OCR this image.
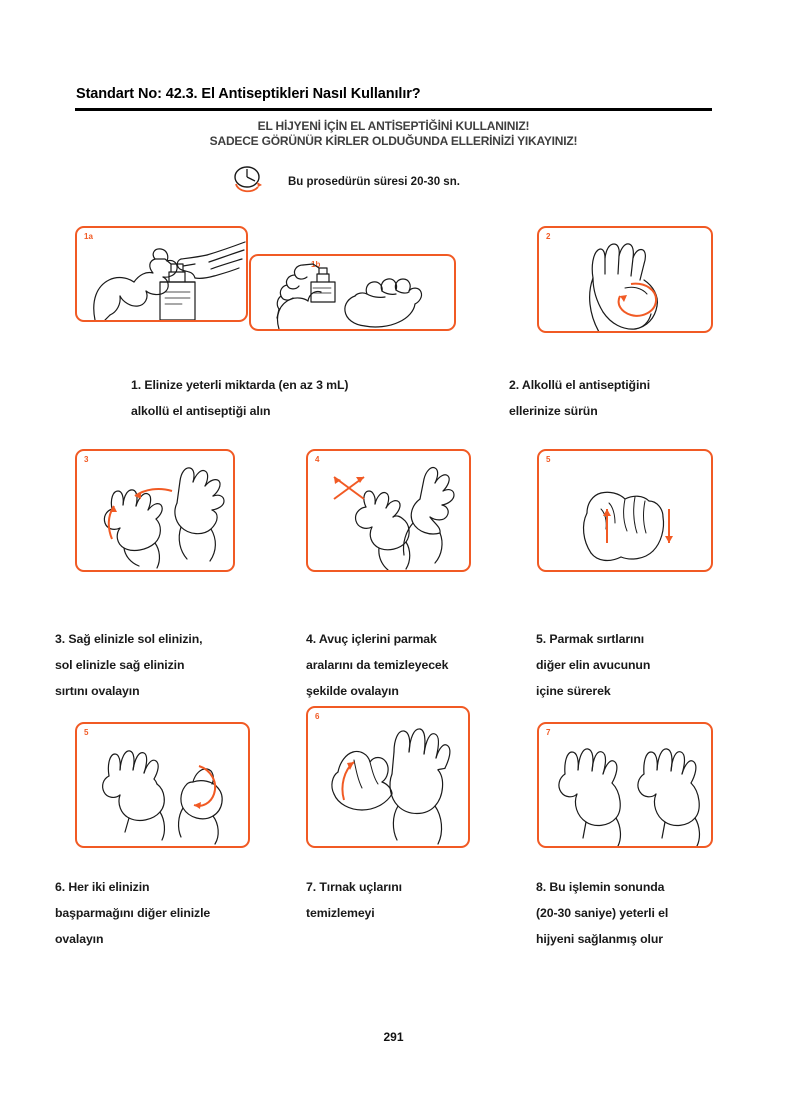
Standart No: 42.3. El Antiseptikleri Nasıl Kullanılır?
EL HİJYENİ İÇİN EL ANTİSEPTİĞİNİ KULLANINIZ!
SADECE GÖRÜNÜR KİRLER OLDUĞUNDA ELLERİNİZİ YIKAYINIZ!
Bu prosedürün süresi 20-30 sn.
1a
1b
2
1. Elinize yeterli miktarda (en az 3 mL)
alkollü el antiseptiği alın
2. Alkollü el antiseptiğini
ellerinize sürün
3	4	5
3. Sağ elinizle sol elinizin,
sol elinizle sağ elinizin
sırtını ovalayın
4. Avuç içlerini parmak
aralarını da temizleyecek
şekilde ovalayın
5. Parmak sırtlarını
diğer elin avucunun
içine sürerek
5
6
7
6. Her iki elinizin
başparmağını diğer elinizle
ovalayın
7. Tırnak uçlarını
temizlemeyi
8. Bu işlemin sonunda
(20-30 saniye) yeterli el
hijyeni sağlanmış olur
291
